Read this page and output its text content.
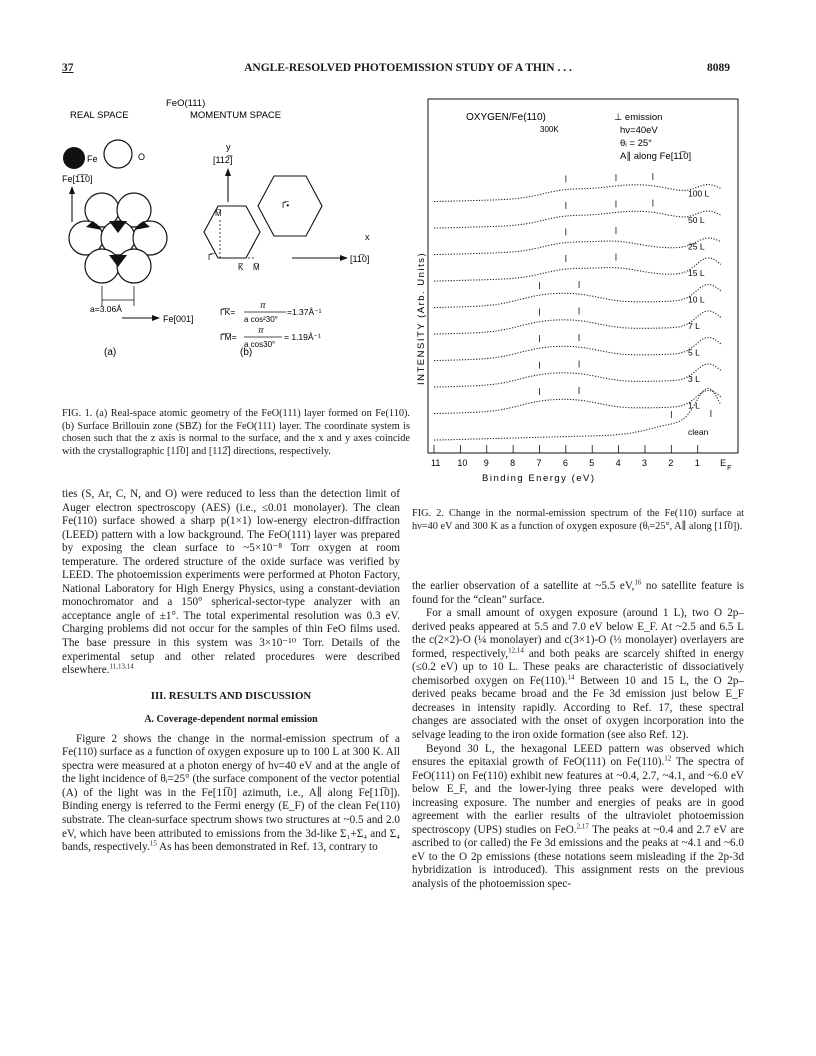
37	ANGLE-RESOLVED PHOTOEMISSION STUDY OF A THIN . . .	8089
FeO(111)
REAL SPACE	MOMENTUM SPACE
Fe	O
Fe[1̅1̅0]
a=3.06Å
Fe[001]
y
[112̅]
M̅
Γ̅
K̅ M̅
Γ̅•
x
[11̅0]
Γ̅K̅=
π
a cos²30°
=1.37Å⁻¹
Γ̅M̅=
π
a cos30°
= 1.19Å⁻¹
(a)	(b)
FIG. 1. (a) Real-space atomic geometry of the FeO(111) layer formed on Fe(110). (b) Surface Brillouin zone (SBZ) for the FeO(111) layer. The coordinate system is chosen such that the z axis is normal to the surface, and the x and y axes coincide with the crystallographic [11̅0] and [112̅] directions, respectively.
OXYGEN/Fe(110)
300K
⊥ emission
hν=40eV
θᵢ = 25°
A∥ along Fe[11̅0]
INTENSITY (Arb. Units)
100 L
50 L
25 L
15 L
10 L
7 L
5 L
3 L
1 L
clean
11 10 9 8 7 6 5 4 3 2 1 E
F
Binding Energy (eV)
FIG. 2. Change in the normal-emission spectrum of the Fe(110) surface at hν=40 eV and 300 K as a function of oxygen exposure (θᵢ=25°, A∥ along [11̅0]).

ties (S, Ar, C, N, and O) were reduced to less than the detection limit of Auger electron spectroscopy (AES) (i.e., ≤0.01 monolayer). The clean Fe(110) surface showed a sharp p(1×1) low-energy electron-diffraction (LEED) pattern with a low background. The FeO(111) layer was prepared by exposing the clean surface to ~5×10⁻⁸ Torr oxygen at room temperature. The ordered structure of the oxide surface was verified by LEED. The photoemission experiments were performed at Photon Factory, National Laboratory for High Energy Physics, using a constant-deviation monochromator and a 150° spherical-sector-type analyzer with an acceptance angle of ±1°. The total experimental resolution was 0.3 eV. Charging problems did not occur for the samples of thin FeO films used. The base pressure in this system was 3×10⁻¹⁰ Torr. Details of the experimental setup and other related procedures were described elsewhere.$^{11,13,14}$

III. RESULTS AND DISCUSSION

A. Coverage-dependent normal emission

Figure 2 shows the change in the normal-emission spectrum of a Fe(110) surface as a function of oxygen exposure up to 100 L at 300 K. All spectra were measured at a photon energy of hν=40 eV and at the angle of the light incidence of θᵢ=25° (the surface component of the vector potential (A) of the light was in the Fe[11̅0] azimuth, i.e., A∥ along Fe[11̅0]). Binding energy is referred to the Fermi energy (E_F) of the clean Fe(110) substrate. The clean-surface spectrum shows two structures at ~0.5 and 2.0 eV, which have been attributed to emissions from the 3d-like Σ₁+Σ₄ and Σ₄ bands, respectively.$^{15}$ As has been demonstrated in Ref. 13, contrary to

the earlier observation of a satellite at ~5.5 eV,$^{16}$ no satellite feature is found for the “clean” surface.

For a small amount of oxygen exposure (around 1 L), two O 2p–derived peaks appeared at 5.5 and 7.0 eV below E_F. At ~2.5 and 6.5 L the c(2×2)-O (¼ monolayer) and c(3×1)-O (⅓ monolayer) overlayers are formed, respectively,$^{12,14}$ and both peaks are scarcely shifted in energy (≤0.2 eV) up to 10 L. These peaks are characteristic of dissociatively chemisorbed oxygen on Fe(110).$^{14}$ Between 10 and 15 L, the O 2p–derived peaks became broad and the Fe 3d emission just below E_F decreases in intensity rapidly. According to Ref. 17, these spectral changes are associated with the onset of oxygen incorporation into the selvage leading to the iron oxide formation (see also Ref. 12).

Beyond 30 L, the hexagonal LEED pattern was observed which ensures the epitaxial growth of FeO(111) on Fe(110).$^{12}$ The spectra of FeO(111) on Fe(110) exhibit new features at ~0.4, 2.7, ~4.1, and ~6.0 eV below E_F, and the lower-lying three peaks were developed with increasing exposure. The number and energies of peaks are in good agreement with the earlier results of the ultraviolet photoemission spectroscopy (UPS) studies on FeO.$^{2,17}$ The peaks at ~0.4 and 2.7 eV are ascribed to (or called) the Fe 3d emissions and the peaks at ~4.1 and ~6.0 eV to the O 2p emissions (these notations seem misleading if the 2p-3d hybridization is introduced). This assignment rests on the previous analysis of the photoemission spec-
